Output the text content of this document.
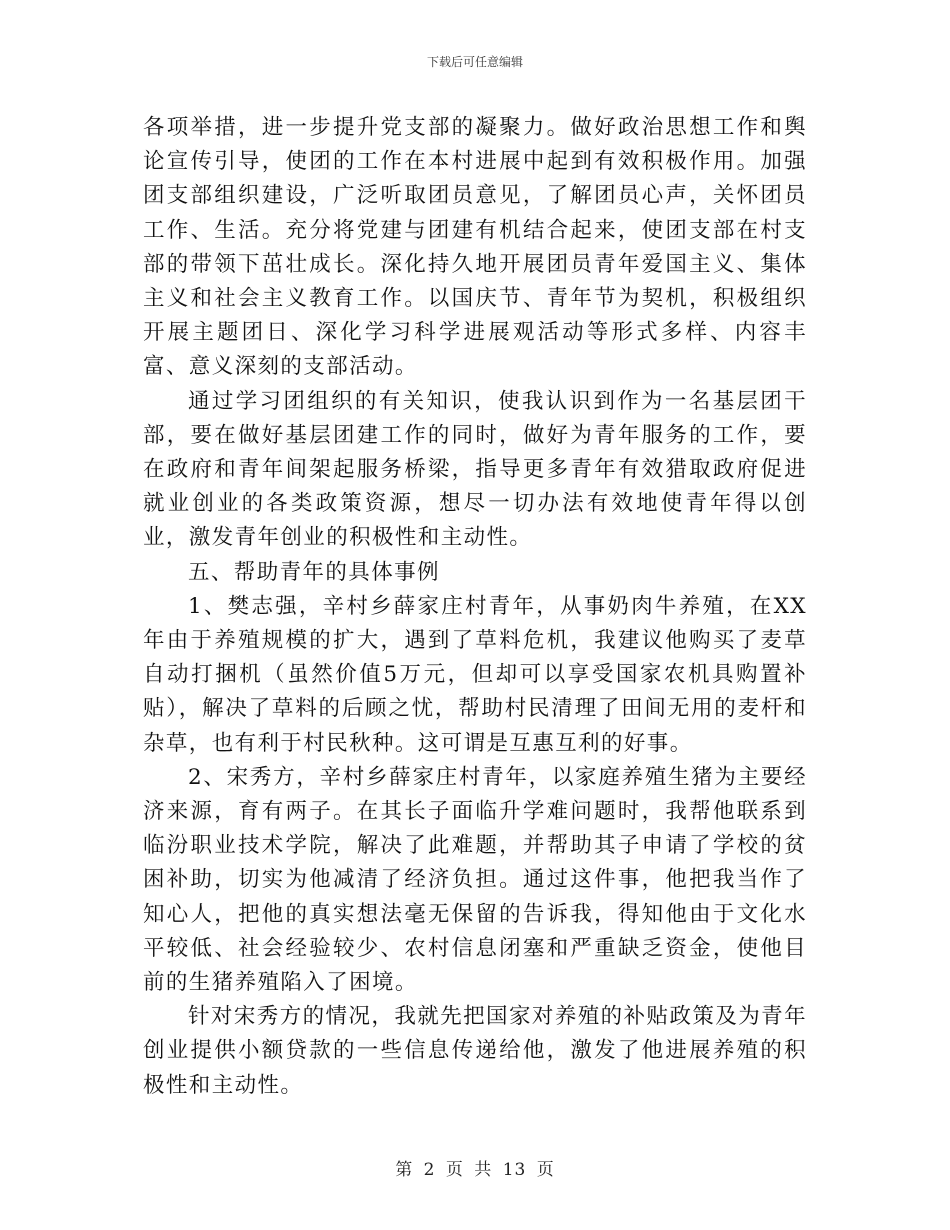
下载后可任意编辑

各项举措，进一步提升党支部的凝聚力。做好政治思想工作和舆论宣传引导，使团的工作在本村进展中起到有效积极作用。加强团支部组织建设，广泛听取团员意见，了解团员心声，关怀团员工作、生活。充分将党建与团建有机结合起来，使团支部在村支部的带领下茁壮成长。深化持久地开展团员青年爱国主义、集体主义和社会主义教育工作。以国庆节、青年节为契机，积极组织开展主题团日、深化学习科学进展观活动等形式多样、内容丰富、意义深刻的支部活动。

通过学习团组织的有关知识，使我认识到作为一名基层团干部，要在做好基层团建工作的同时，做好为青年服务的工作，要在政府和青年间架起服务桥梁，指导更多青年有效猎取政府促进就业创业的各类政策资源，想尽一切办法有效地使青年得以创业，激发青年创业的积极性和主动性。

五、帮助青年的具体事例

1、樊志强，辛村乡薛家庄村青年，从事奶肉牛养殖，在XX年由于养殖规模的扩大，遇到了草料危机，我建议他购买了麦草自动打捆机（虽然价值5万元，但却可以享受国家农机具购置补贴），解决了草料的后顾之忧，帮助村民清理了田间无用的麦杆和杂草，也有利于村民秋种。这可谓是互惠互利的好事。

2、宋秀方，辛村乡薛家庄村青年，以家庭养殖生猪为主要经济来源，育有两子。在其长子面临升学难问题时，我帮他联系到临汾职业技术学院，解决了此难题，并帮助其子申请了学校的贫困补助，切实为他减清了经济负担。通过这件事，他把我当作了知心人，把他的真实想法毫无保留的告诉我，得知他由于文化水平较低、社会经验较少、农村信息闭塞和严重缺乏资金，使他目前的生猪养殖陷入了困境。

针对宋秀方的情况，我就先把国家对养殖的补贴政策及为青年创业提供小额贷款的一些信息传递给他，激发了他进展养殖的积极性和主动性。

第 2 页 共 13 页
